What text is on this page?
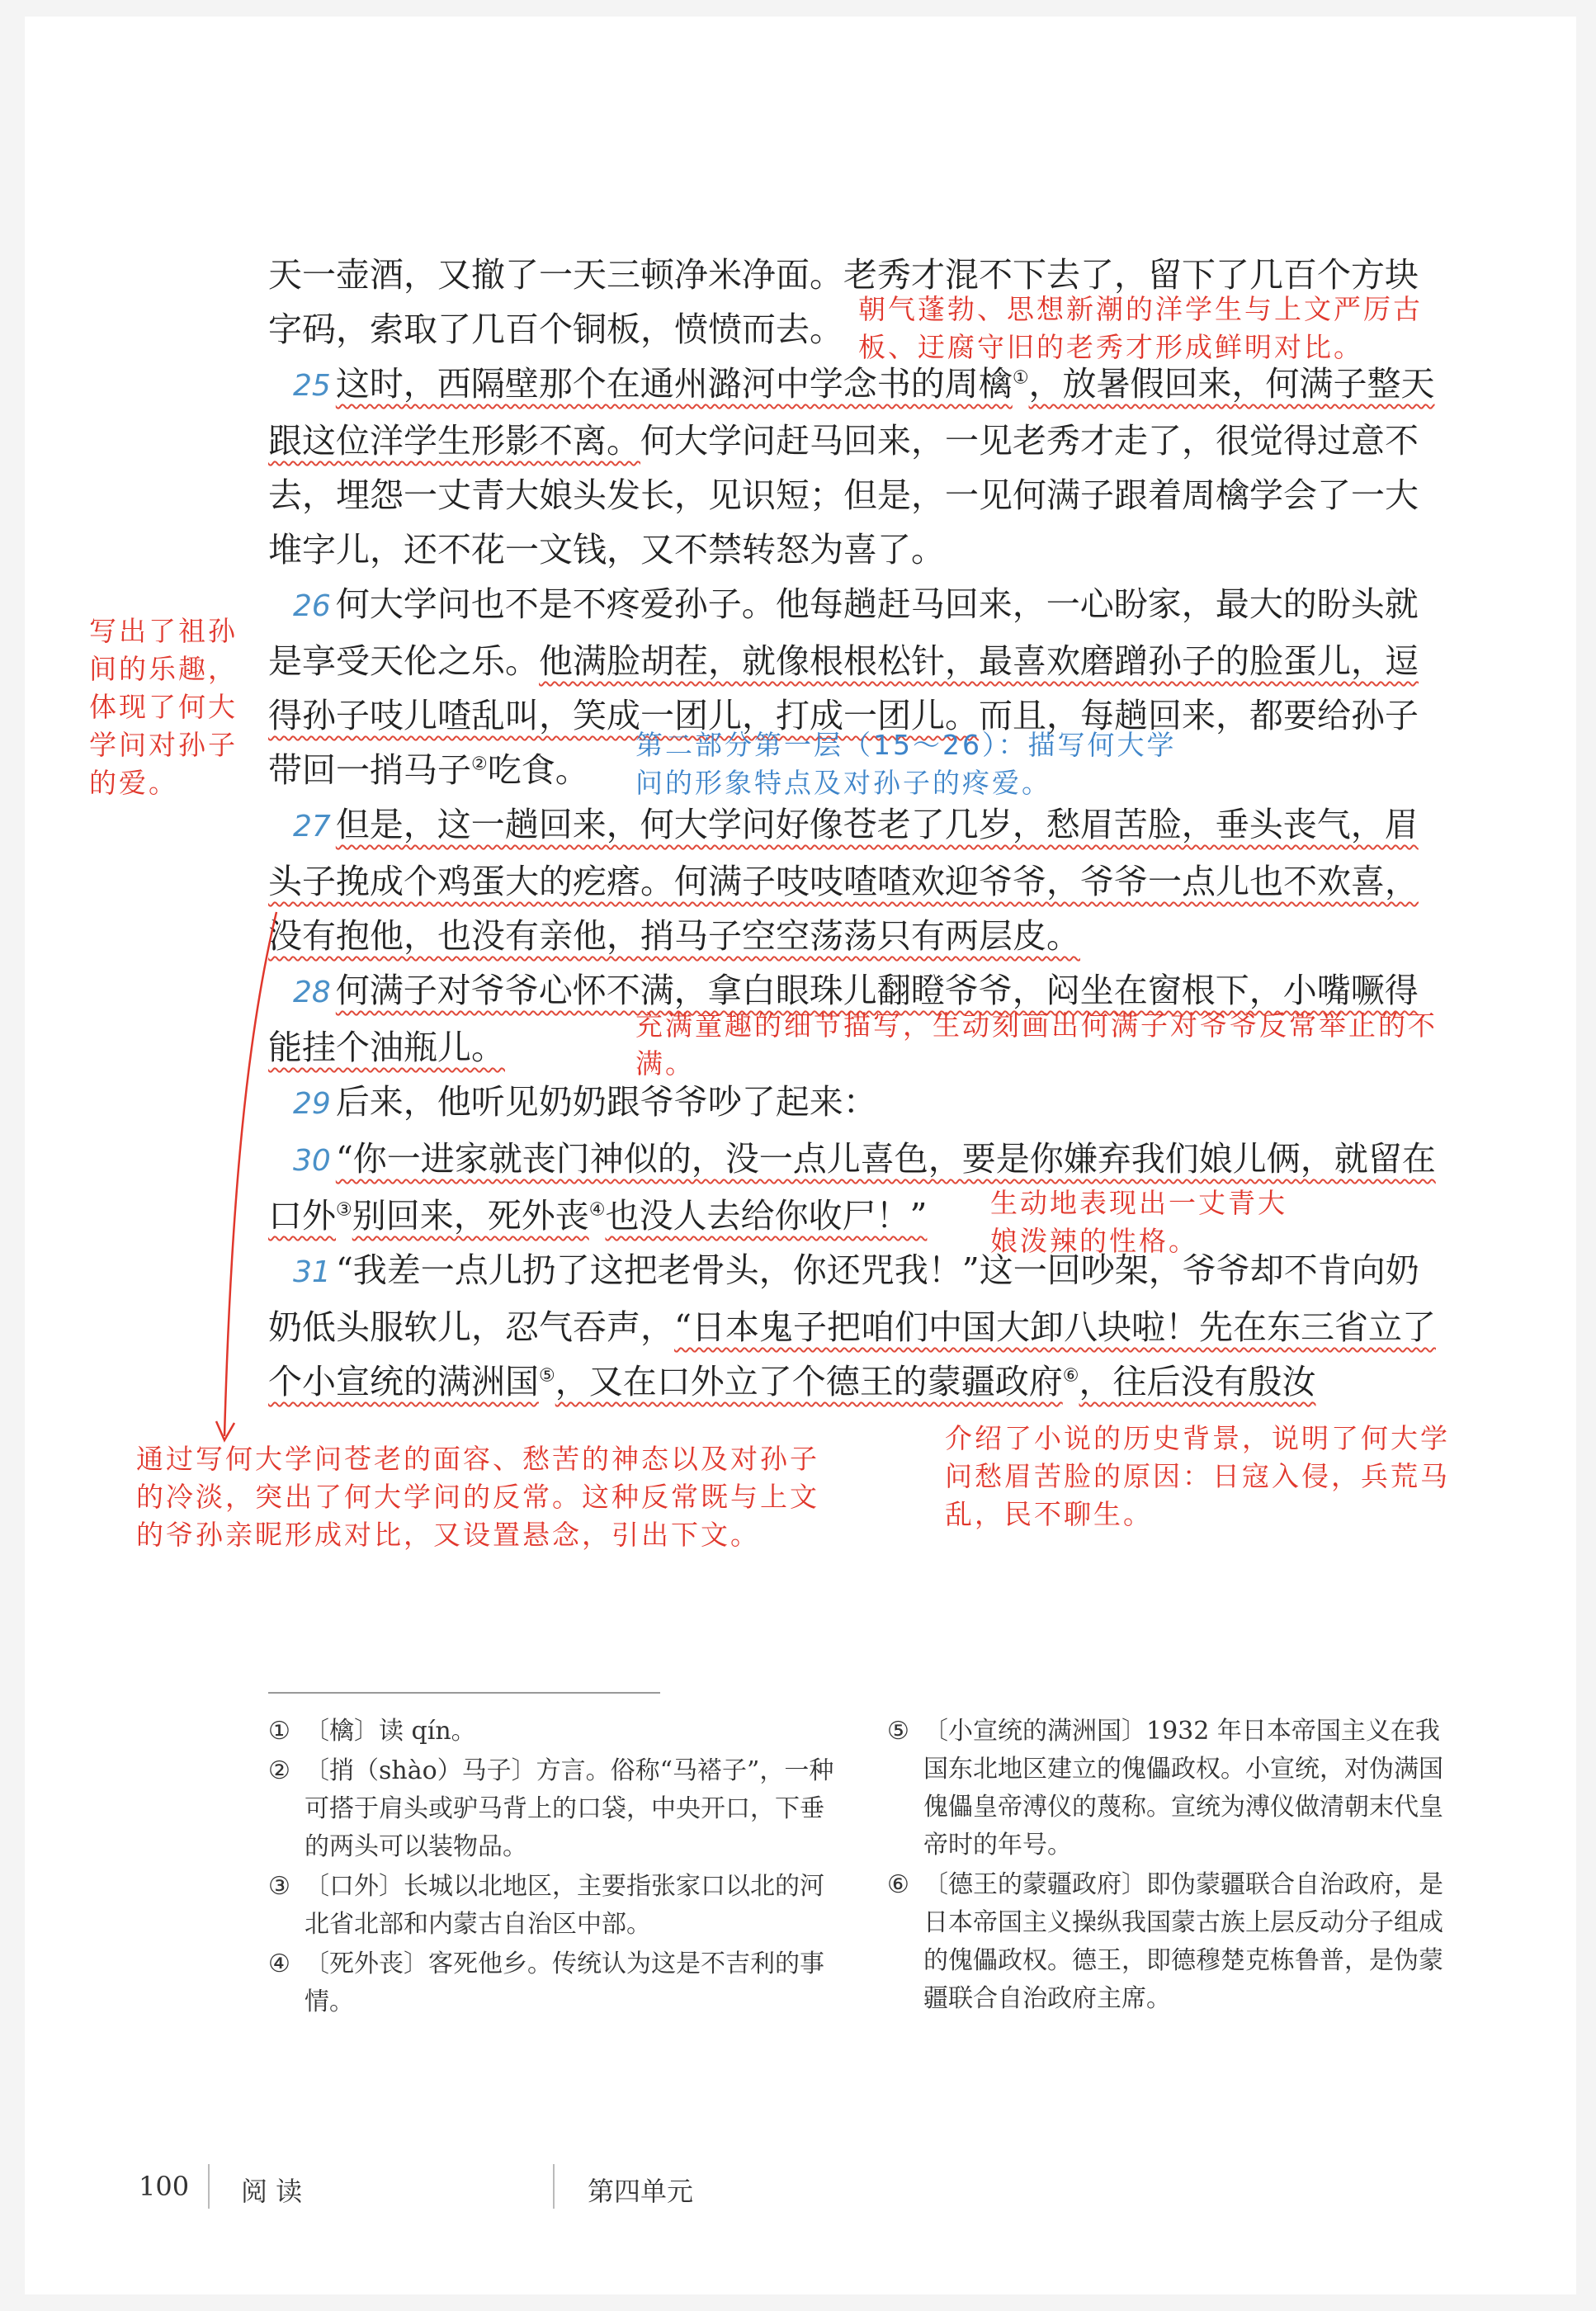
天一壶酒，又撤了一天三顿净米净面。老秀才混不下去了，留下了几百个方块
字码，索取了几百个铜板，愤愤而去。

25 这时，西隔壁那个在通州潞河中学念书的周檎①，放暑假回来，何满子整天跟这位洋学生形影不离。何大学问赶马回来，一见老秀才走了，很觉得过意不去，埋怨一丈青大娘头发长，见识短；但是，一见何满子跟着周檎学会了一大堆字儿，还不花一文钱，又不禁转怒为喜了。

26 何大学问也不是不疼爱孙子。他每趟赶马回来，一心盼家，最大的盼头就是享受天伦之乐。他满脸胡茬，就像根根松针，最喜欢磨蹭孙子的脸蛋儿，逗得孙子吱儿喳乱叫，笑成一团儿，打成一团儿。而且，每趟回来，都要给孙子带回一捎马子②吃食。

27 但是，这一趟回来，何大学问好像苍老了几岁，愁眉苦脸，垂头丧气，眉头子挽成个鸡蛋大的疙瘩。何满子吱吱喳喳欢迎爷爷，爷爷一点儿也不欢喜，没有抱他，也没有亲他，捎马子空空荡荡只有两层皮。

28 何满子对爷爷心怀不满，拿白眼珠儿翻瞪爷爷，闷坐在窗根下，小嘴噘得能挂个油瓶儿。

29 后来，他听见奶奶跟爷爷吵了起来：

30 “你一进家就丧门神似的，没一点儿喜色，要是你嫌弃我们娘儿俩，就留在口外③别回来，死外丧④也没人去给你收尸！”

31 “我差一点儿扔了这把老骨头，你还咒我！”这一回吵架，爷爷却不肯向奶奶低头服软儿，忍气吞声，“日本鬼子把咱们中国大卸八块啦！先在东三省立了个小宣统的满洲国⑤，又在口外立了个德王的蒙疆政府⑥，往后没有殷汝

朝气蓬勃、思想新潮的洋学生与上文严厉古板、迂腐守旧的老秀才形成鲜明对比。
写出了祖孙间的乐趣，体现了何大学问对孙子的爱。
第二部分第一层（15～26）：描写何大学问的形象特点及对孙子的疼爱。
充满童趣的细节描写，生动刻画出何满子对爷爷反常举止的不满。
生动地表现出一丈青大娘泼辣的性格。
介绍了小说的历史背景，说明了何大学问愁眉苦脸的原因：日寇入侵，兵荒马乱，民不聊生。
通过写何大学问苍老的面容、愁苦的神态以及对孙子的冷淡，突出了何大学问的反常。这种反常既与上文的爷孙亲昵形成对比，又设置悬念，引出下文。
① 〔檎〕读 qín。
② 〔捎（shào）马子〕方言。俗称“马褡子”，一种可搭于肩头或驴马背上的口袋，中央开口，下垂的两头可以装物品。
③ 〔口外〕长城以北地区，主要指张家口以北的河北省北部和内蒙古自治区中部。
④ 〔死外丧〕客死他乡。传统认为这是不吉利的事情。
⑤ 〔小宣统的满洲国〕1932 年日本帝国主义在我国东北地区建立的傀儡政权。小宣统，对伪满国傀儡皇帝溥仪的蔑称。宣统为溥仪做清朝末代皇帝时的年号。
⑥ 〔德王的蒙疆政府〕即伪蒙疆联合自治政府，是日本帝国主义操纵我国蒙古族上层反动分子组成的傀儡政权。德王，即德穆楚克栋鲁普，是伪蒙疆联合自治政府主席。
100 阅 读	第四单元
